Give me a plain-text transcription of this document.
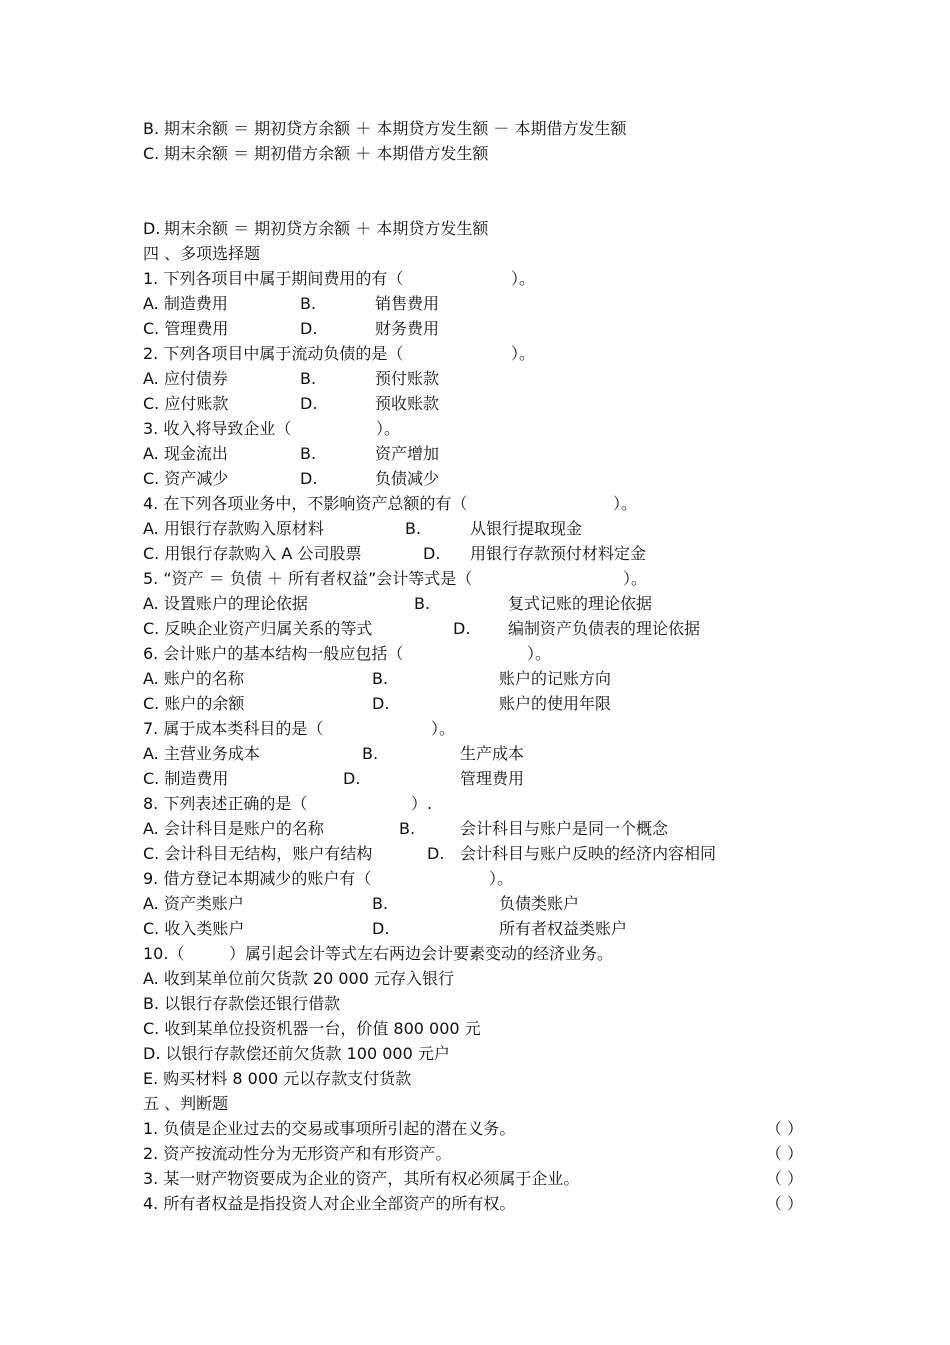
B. 期末余额 ＝ 期初贷方余额 ＋ 本期贷方发生额 － 本期借方发生额
C. 期末余额 ＝ 期初借方余额 ＋ 本期借方发生额
D. 期末余额 ＝ 期初贷方余额 ＋ 本期贷方发生额
四 、多项选择题
1. 下列各项目中属于期间费用的有（	）。
A. 制造费用	B.	销售费用
C. 管理费用	D.	财务费用
2. 下列各项目中属于流动负债的是（	）。
A. 应付债券	B.	预付账款
C. 应付账款	D.	预收账款
3. 收入将导致企业（	）。
A. 现金流出	B.	资产增加
C. 资产减少	D.	负债减少
4. 在下列各项业务中，不影响资产总额的有（	）。
A. 用银行存款购入原材料	B.	从银行提取现金
C. 用银行存款购入 A 公司股票	D. 用银行存款预付材料定金
5. “资产 ＝ 负债 ＋ 所有者权益”会计等式是（	）。
A. 设置账户的理论依据	B.	复式记账的理论依据
C. 反映企业资产归属关系的等式	D. 编制资产负债表的理论依据
6. 会计账户的基本结构一般应包括（	）。
A. 账户的名称	B.	账户的记账方向
C. 账户的余额	D.	账户的使用年限
7. 属于成本类科目的是（	）。
A. 主营业务成本	B.	生产成本
C. 制造费用	D.	管理费用
8. 下列表述正确的是（	）.
A. 会计科目是账户的名称	B.	会计科目与账户是同一个概念
C. 会计科目无结构，账户有结构	D. 会计科目与账户反映的经济内容相同
9. 借方登记本期减少的账户有（	）。
A. 资产类账户	B.	负债类账户
C. 收入类账户	D.	所有者权益类账户
10.（	）属引起会计等式左右两边会计要素变动的经济业务。
A. 收到某单位前欠货款 20 000 元存入银行
B. 以银行存款偿还银行借款
C. 收到某单位投资机器一台，价值 800 000 元
D. 以银行存款偿还前欠货款 100 000 元户
E. 购买材料 8 000 元以存款支付货款
五 、判断题
1. 负债是企业过去的交易或事项所引起的潜在义务。	（ ）
2. 资产按流动性分为无形资产和有形资产。	（ ）
3. 某一财产物资要成为企业的资产，其所有权必须属于企业。	（ ）
4. 所有者权益是指投资人对企业全部资产的所有权。	（ ）
